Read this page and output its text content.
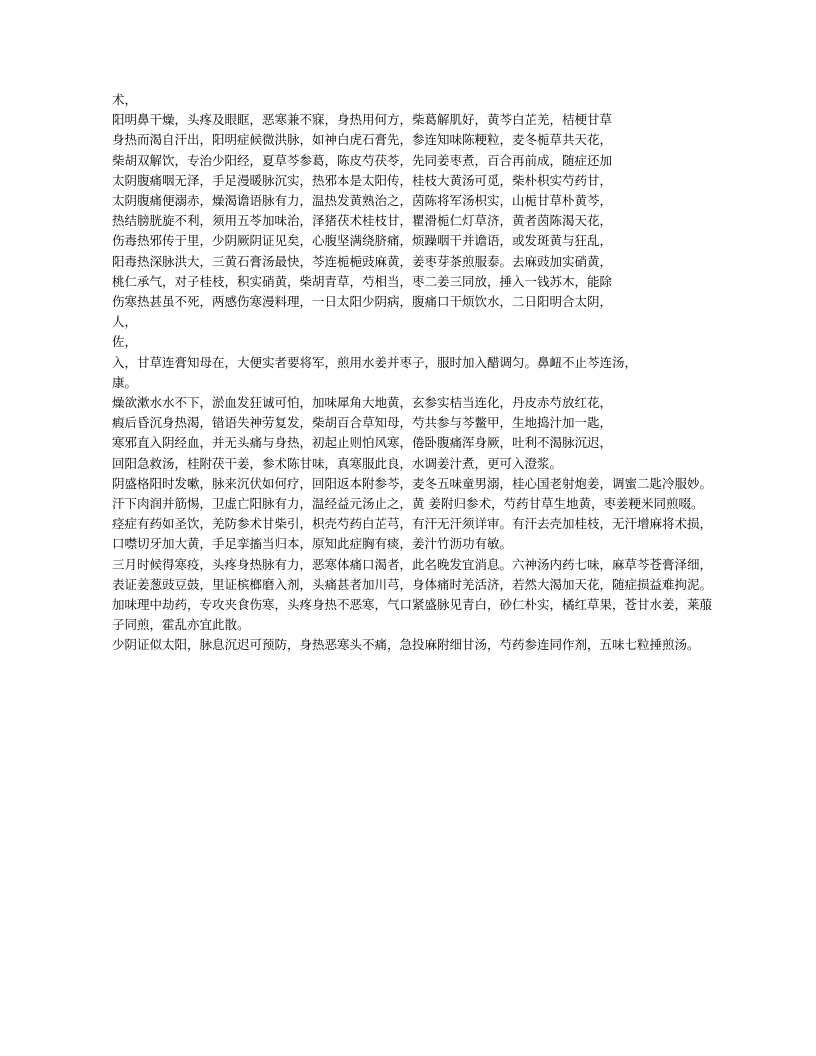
术，
阳明鼻干燥，头疼及眼眶，恶寒兼不寐，身热用何方，柴葛解肌好，黄芩白芷羌，桔梗甘草
身热而渴自汗出，阳明症候微洪脉，如神白虎石膏先，参连知味陈粳粒，麦冬栀草共天花，
柴胡双解饮，专治少阳经，夏草芩参葛，陈皮芍茯苓，先同姜枣煮，百合再前成，随症还加
太阴腹痛咽无泽，手足漫暖脉沉实，热邪本是太阳传，桂枝大黄汤可觅，柴朴枳实芍药甘，
太阴腹痛便溺赤，燥渴谵语脉有力，温热发黄熟治之，茵陈将军汤枳实，山栀甘草朴黄芩，
热结膀胱旋不利，须用五苓加味治，泽猪茯术桂枝甘，瞿滑栀仁灯草济，黄者茵陈渴天花，
伤毒热邪传于里，少阴厥阴证见矣，心腹坚满绕脐痛，烦躁咽干并谵语，或发斑黄与狂乱，
阳毒热深脉洪大，三黄石膏汤最快，芩连栀梔豉麻黄，姜枣芽茶煎服泰。去麻豉加实硝黄，
桃仁承气，对子桂枝，积实硝黄，柴胡青草，芍相当，枣二姜三同放，捶入一钱苏木，能除
伤寒热甚虽不死，两感伤寒漫料理，一日太阳少阴病，腹痛口干烦饮水，二日阳明合太阴，
人，
佐，
入，甘草连膏知母在，大便实者要将军，煎用水姜并枣子，服时加入醋调匀。鼻衄不止芩连汤，
康。
燥欲漱水水不下，淤血发狂诚可怕，加味犀角大地黄，玄参实桔当连化，丹皮赤芍放红花，
瘕后昏沉身热渴，错语失神劳复发，柴胡百合草知母，芍共参与芩鳖甲，生地捣汁加一匙，
寒邪直入阴经血，并无头痛与身热，初起止则怕风寒，倦卧腹痛浑身厥，吐利不渴脉沉迟，
回阳急救汤，桂附茯干姜，参术陈甘味，真寒服此良，水调姜汁煮，更可入澄浆。
阴盛格阳时发嗽，脉来沉伏如何疗，回阳返本附参芩，麦冬五味童男溺，桂心国老射炮姜，调蜜二匙冷服妙。
汗下肉润并筋惕，卫虚亡阳脉有力，温经益元汤止之，黄 姜附归参术，芍药甘草生地黄，枣姜粳米同煎啜。
痉症有药如圣饮，羌防参术甘柴引，枳壳芍药白芷芎，有汗无汗须详审。有汗去壳加桂枝，无汗增麻将术损，口噤切牙加大黄，手足挛搐当归本，原知此症胸有痰，姜汁竹沥功有敏。
三月时候得寒疫，头疼身热脉有力，恶寒体痛口渴者，此名晚发宜消息。六神汤内药七味，麻草芩苍膏泽细，表证姜葱豉豆鼓，里证槟榔磨入剂，头痛甚者加川芎，身体痛时羌活济，若然大渴加天花，随症损益难拘泥。
加味理中劫药，专攻夹食伤寒，头疼身热不恶寒，气口紧盛脉见青白，砂仁朴实，橘红草果，苍甘水姜，莱菔子同煎，霍乱亦宜此散。
少阴证似太阳，脉息沉迟可预防，身热恶寒头不痛，急投麻附细甘汤，芍药参连同作剂，五味七粒捶煎汤。
